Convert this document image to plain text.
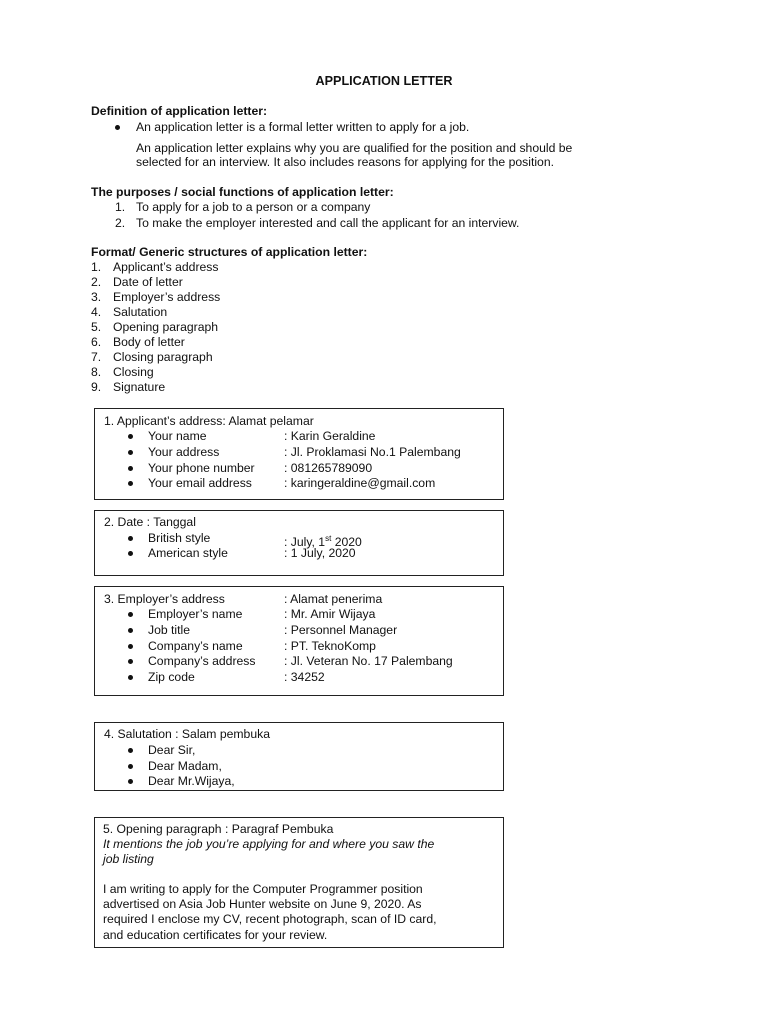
APPLICATION LETTER
Definition of application letter:
An application letter is a formal letter written to apply for a job.
An application letter explains why you are qualified for the position and should be
selected for an interview. It also includes reasons for applying for the position.
The purposes / social functions of application letter:
1. To apply for a job to a person or a company
2. To make the employer interested and call the applicant for an interview.
Format/ Generic structures of application letter:
1. Applicant’s address
2. Date of letter
3. Employer’s address
4. Salutation
5. Opening paragraph
6. Body of letter
7. Closing paragraph
8. Closing
9. Signature
1. Applicant’s address: Alamat pelamar
Your name	: Karin Geraldine
Your address	: Jl. Proklamasi No.1 Palembang
Your phone number : 081265789090
Your email address	: karingeraldine@gmail.com
2. Date : Tanggal
British style	: July, 1st 2020
American style	: 1 July, 2020
3. Employer’s address	: Alamat penerima
Employer’s name	: Mr. Amir Wijaya
Job title	: Personnel Manager
Company’s name	: PT. TeknoKomp
Company’s address : Jl. Veteran No. 17 Palembang
Zip code	: 34252
4. Salutation : Salam pembuka
Dear Sir,
Dear Madam,
Dear Mr.Wijaya,
5. Opening paragraph : Paragraf Pembuka
It mentions the job you’re applying for and where you saw the
job listing
I am writing to apply for the Computer Programmer position
advertised on Asia Job Hunter website on June 9, 2020. As
required I enclose my CV, recent photograph, scan of ID card,
and education certificates for your review.
